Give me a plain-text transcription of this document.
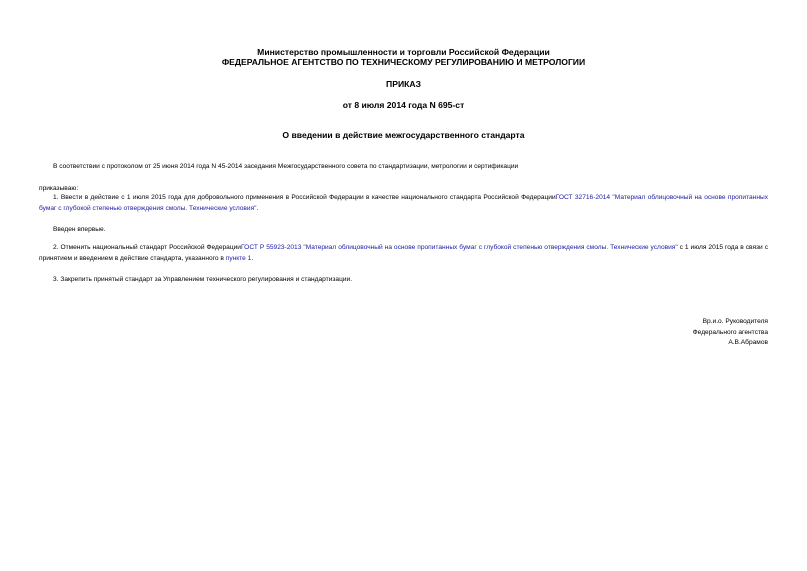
Министерство промышленности и торговли Российской Федерации
ФЕДЕРАЛЬНОЕ АГЕНТСТВО ПО ТЕХНИЧЕСКОМУ РЕГУЛИРОВАНИЮ И МЕТРОЛОГИИ
ПРИКАЗ
от 8 июля 2014 года N 695-ст
О введении в действие межгосударственного стандарта
В соответствии с протоколом от 25 июня 2014 года N 45-2014 заседания Межгосударственного совета по стандартизации, метрологии и сертификации
приказываю:
1. Ввести в действие с 1 июля 2015 года для добровольного применения в Российской Федерации в качестве национального стандарта Российской ФедерацииГОСТ 32716-2014 "Материал облицовочный на основе пропитанных бумаг с глубокой степенью отверждения смолы. Технические условия".
Введен впервые.
2. Отменить национальный стандарт Российской ФедерацииГОСТ Р 55923-2013 "Материал облицовочный на основе пропитанных бумаг с глубокой степенью отверждения смолы. Технические условия" с 1 июля 2015 года в связи с принятием и введением в действие стандарта, указанного в пункте 1.
3. Закрепить принятый стандарт за Управлением технического регулирования и стандартизации.
Вр.и.о. Руководителя
Федерального агентства
А.В.Абрамов
